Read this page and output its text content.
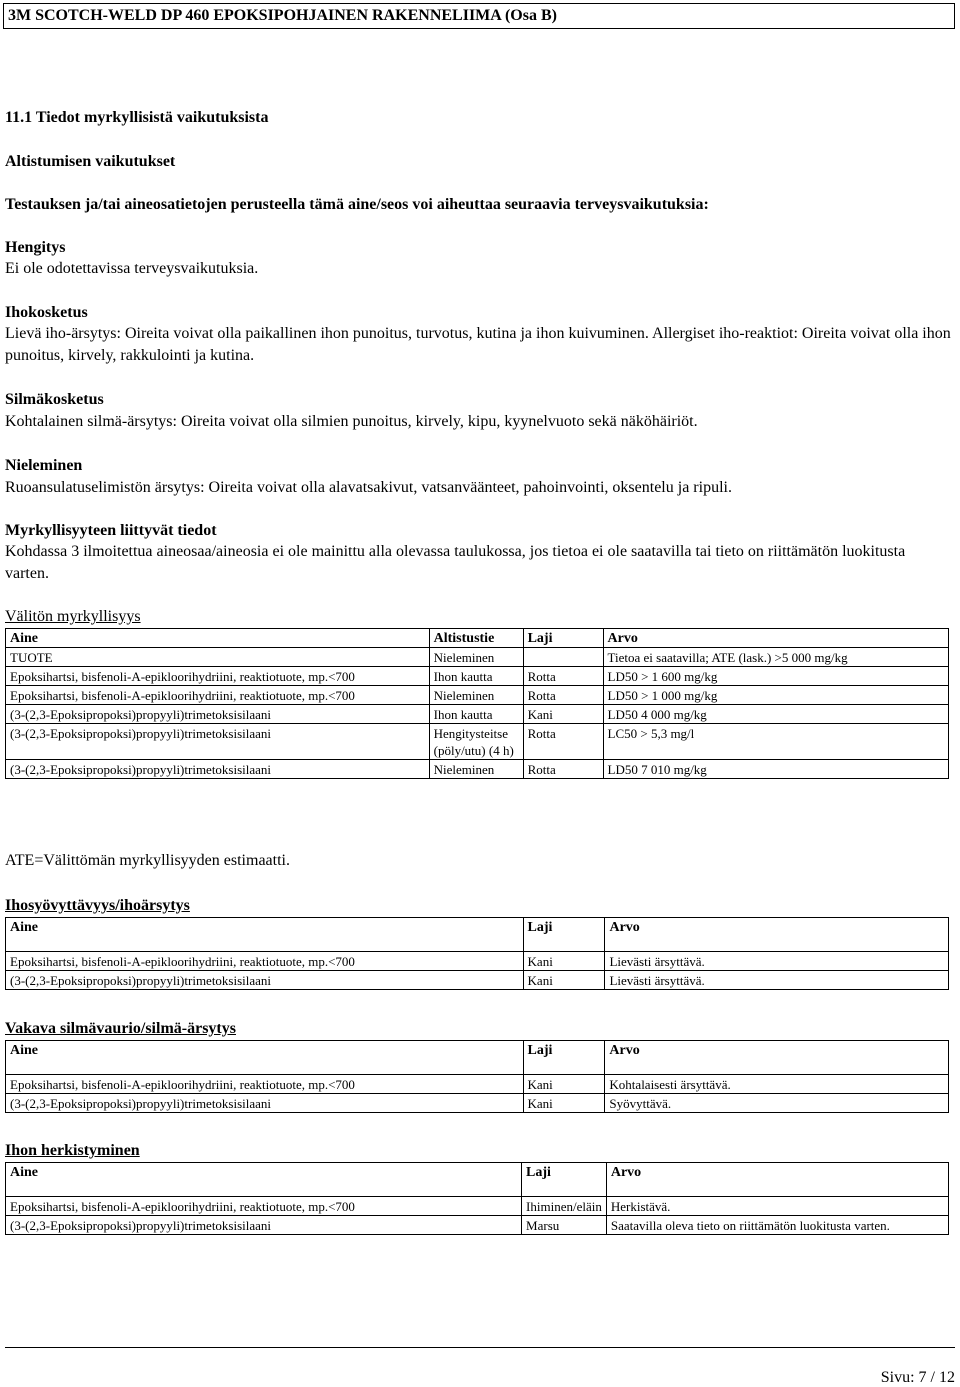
3M SCOTCH-WELD DP 460 EPOKSIPOHJAINEN RAKENNELIIMA (Osa B)
11.1 Tiedot myrkyllisistä vaikutuksista
Altistumisen vaikutukset
Testauksen ja/tai aineosatietojen perusteella tämä aine/seos voi aiheuttaa seuraavia terveysvaikutuksia:
Hengitys
Ei ole odotettavissa terveysvaikutuksia.
Ihokosketus
Lievä iho-ärsytys: Oireita voivat olla paikallinen ihon punoitus, turvotus, kutina ja ihon kuivuminen. Allergiset iho-reaktiot: Oireita voivat olla ihon punoitus, kirvely, rakkulointi ja kutina.
Silmäkosketus
Kohtalainen silmä-ärsytys: Oireita voivat olla silmien punoitus, kirvely, kipu, kyynelvuoto sekä näköhäiriöt.
Nieleminen
Ruoansulatuselimistön ärsytys: Oireita voivat olla alavatsakivut, vatsanväänteet, pahoinvointi, oksentelu ja ripuli.
Myrkyllisyyteen liittyvät tiedot
Kohdassa 3 ilmoitettua aineosaa/aineosia ei ole mainittu alla olevassa taulukossa, jos tietoa ei ole saatavilla tai tieto on riittämätön luokitusta varten.
Välitön myrkyllisyys
Aine	Altistustie	Laji	Arvo
TUOTE	Nieleminen		Tietoa ei saatavilla; ATE (lask.) >5 000 mg/kg
Epoksihartsi, bisfenoli-A-epikloorihydriini, reaktiotuote, mp.<700	Ihon kautta	Rotta	LD50 > 1 600 mg/kg
Epoksihartsi, bisfenoli-A-epikloorihydriini, reaktiotuote, mp.<700	Nieleminen	Rotta	LD50 > 1 000 mg/kg
(3-(2,3-Epoksipropoksi)propyyli)trimetoksisilaani	Ihon kautta	Kani	LD50 4 000 mg/kg
(3-(2,3-Epoksipropoksi)propyyli)trimetoksisilaani	Hengitysteitse (pöly/utu) (4 h)	Rotta	LC50 > 5,3 mg/l
(3-(2,3-Epoksipropoksi)propyyli)trimetoksisilaani	Nieleminen	Rotta	LD50 7 010 mg/kg
ATE=Välittömän myrkyllisyyden estimaatti.
Ihosyövyttävyys/ihoärsytys
Aine	Laji	Arvo
Epoksihartsi, bisfenoli-A-epikloorihydriini, reaktiotuote, mp.<700	Kani	Lievästi ärsyttävä.
(3-(2,3-Epoksipropoksi)propyyli)trimetoksisilaani	Kani	Lievästi ärsyttävä.
Vakava silmävaurio/silmä-ärsytys
Aine	Laji	Arvo
Epoksihartsi, bisfenoli-A-epikloorihydriini, reaktiotuote, mp.<700	Kani	Kohtalaisesti ärsyttävä.
(3-(2,3-Epoksipropoksi)propyyli)trimetoksisilaani	Kani	Syövyttävä.
Ihon herkistyminen
Aine	Laji	Arvo
Epoksihartsi, bisfenoli-A-epikloorihydriini, reaktiotuote, mp.<700	Ihiminen/eläin	Herkistävä.
(3-(2,3-Epoksipropoksi)propyyli)trimetoksisilaani	Marsu	Saatavilla oleva tieto on riittämätön luokitusta varten.
Sivu: 7 / 12
